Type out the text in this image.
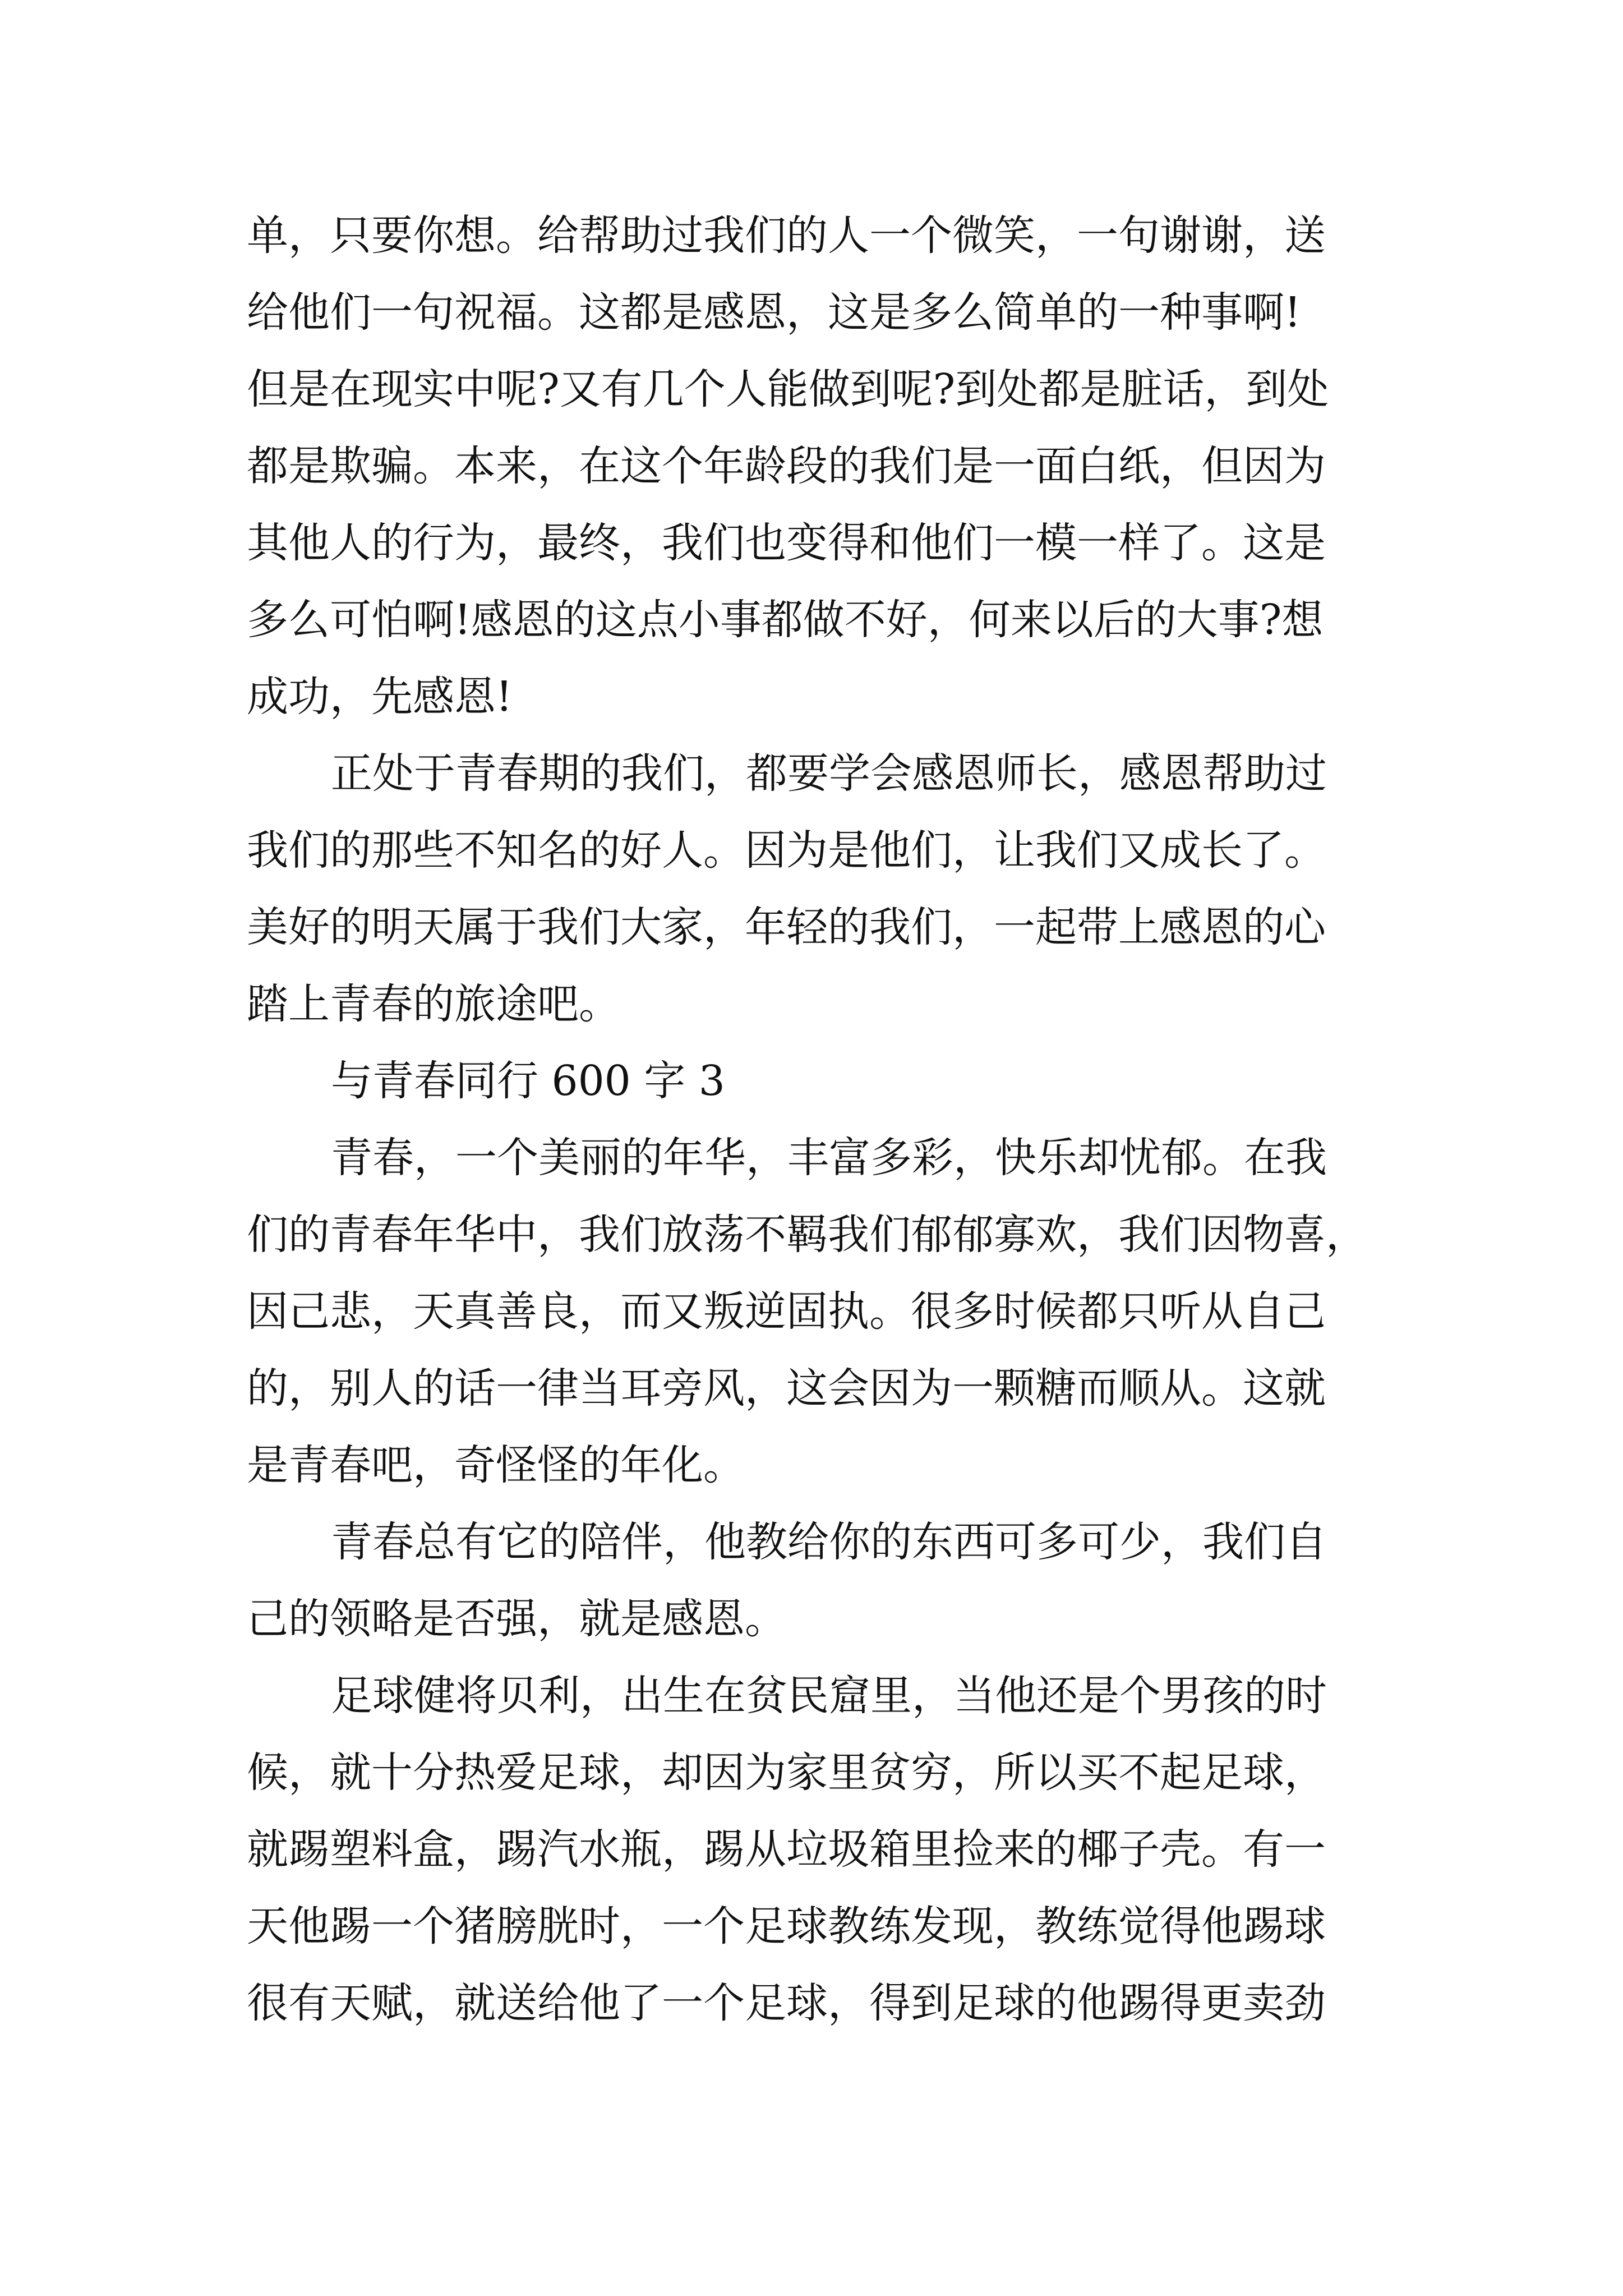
单，只要你想。给帮助过我们的人一个微笑，一句谢谢，送
给他们一句祝福。这都是感恩，这是多么简单的一种事啊!
但是在现实中呢?又有几个人能做到呢?到处都是脏话，到处
都是欺骗。本来，在这个年龄段的我们是一面白纸，但因为
其他人的行为，最终，我们也变得和他们一模一样了。这是
多么可怕啊!感恩的这点小事都做不好，何来以后的大事?想
成功，先感恩!
正处于青春期的我们，都要学会感恩师长，感恩帮助过
我们的那些不知名的好人。因为是他们，让我们又成长了。
美好的明天属于我们大家，年轻的我们，一起带上感恩的心
踏上青春的旅途吧。
与青春同行 600 字 3
青春，一个美丽的年华，丰富多彩，快乐却忧郁。在我
们的青春年华中，我们放荡不羁我们郁郁寡欢，我们因物喜，
因己悲，天真善良，而又叛逆固执。很多时候都只听从自己
的，别人的话一律当耳旁风，这会因为一颗糖而顺从。这就
是青春吧，奇怪怪的年化。
青春总有它的陪伴，他教给你的东西可多可少，我们自
己的领略是否强，就是感恩。
足球健将贝利，出生在贫民窟里，当他还是个男孩的时
候，就十分热爱足球，却因为家里贫穷，所以买不起足球，
就踢塑料盒，踢汽水瓶，踢从垃圾箱里捡来的椰子壳。有一
天他踢一个猪膀胱时，一个足球教练发现，教练觉得他踢球
很有天赋，就送给他了一个足球，得到足球的他踢得更卖劲
